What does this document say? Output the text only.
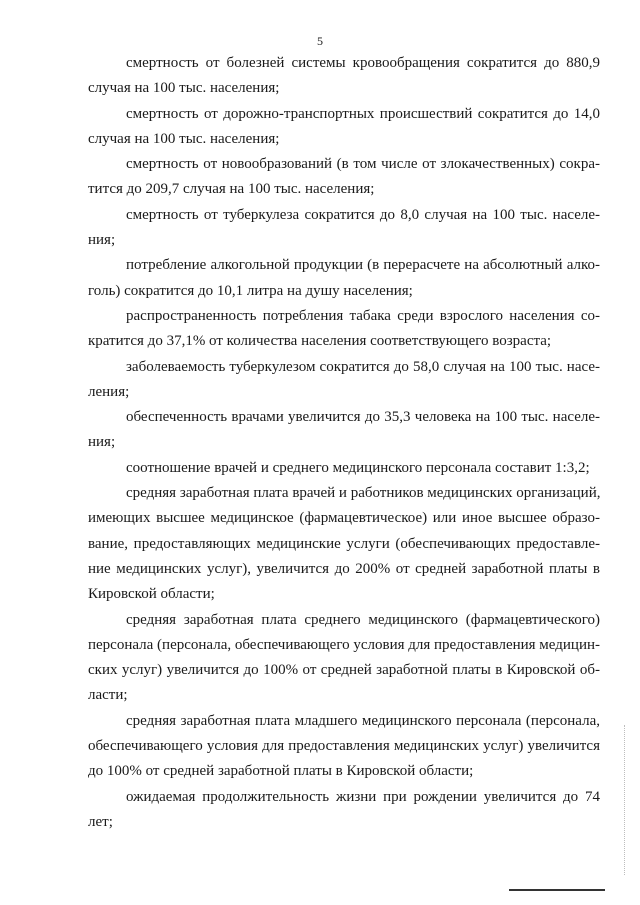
5
смертность от болезней системы кровообращения сократится до 880,9
случая на 100 тыс. населения;
смертность от дорожно-транспортных происшествий сократится до 14,0
случая на 100 тыс. населения;
смертность от новообразований (в том числе от злокачественных) сокра-
тится до 209,7 случая на 100 тыс. населения;
смертность от туберкулеза сократится до 8,0 случая на 100 тыс. населе-
ния;
потребление алкогольной продукции (в перерасчете на абсолютный алко-
голь) сократится до 10,1 литра на душу населения;
распространенность потребления табака среди взрослого населения со-
кратится до 37,1% от количества населения соответствующего возраста;
заболеваемость туберкулезом сократится до 58,0 случая на 100 тыс. насе-
ления;
обеспеченность врачами увеличится до 35,3 человека на 100 тыс. населе-
ния;
соотношение врачей и среднего медицинского персонала составит 1:3,2;
средняя заработная плата врачей и работников медицинских организаций,
имеющих высшее медицинское (фармацевтическое) или иное высшее образо-
вание, предоставляющих медицинские услуги (обеспечивающих предоставле-
ние медицинских услуг), увеличится до 200% от средней заработной платы в
Кировской области;
средняя заработная плата среднего медицинского (фармацевтического)
персонала (персонала, обеспечивающего условия для предоставления медицин-
ских услуг) увеличится до 100% от средней заработной платы в Кировской об-
ласти;
средняя заработная плата младшего медицинского персонала (персонала,
обеспечивающего условия для предоставления медицинских услуг) увеличится
до 100% от средней заработной платы в Кировской области;
ожидаемая продолжительность жизни при рождении увеличится до 74
лет;
